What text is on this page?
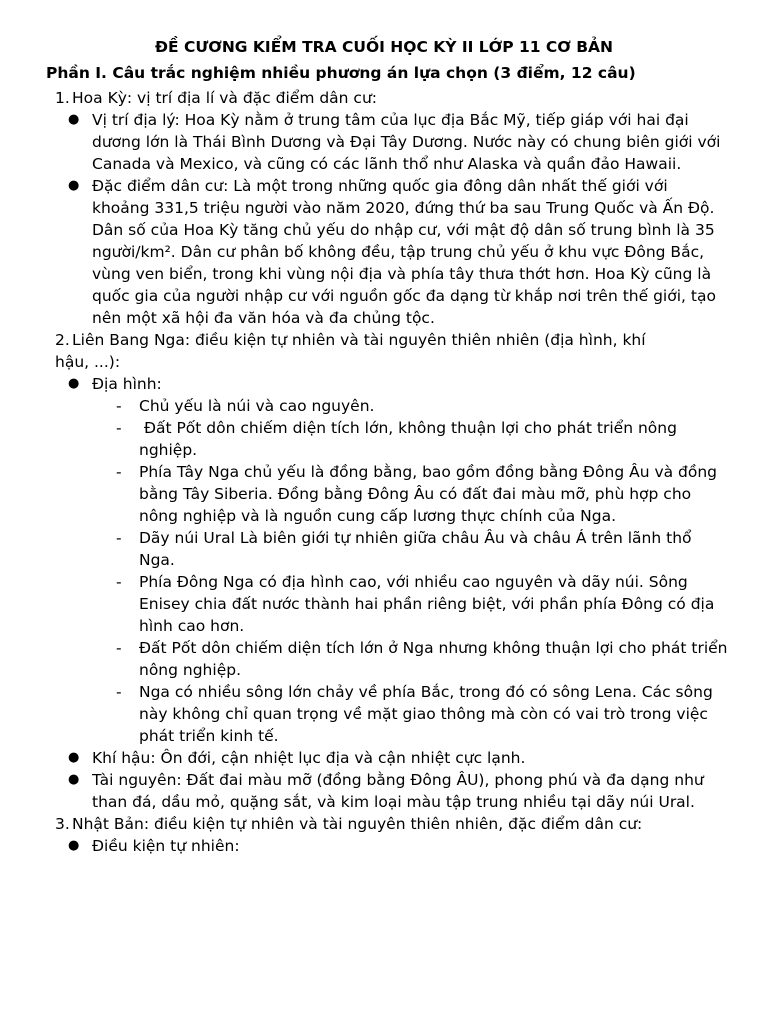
ĐỀ CƯƠNG KIỂM TRA CUỐI HỌC KỲ II LỚP 11 CƠ BẢN

Phần I. Câu trắc nghiệm nhiều phương án lựa chọn (3 điểm, 12 câu)

1. Hoa Kỳ: vị trí địa lí và đặc điểm dân cư:
● Vị trí địa lý: Hoa Kỳ nằm ở trung tâm của lục địa Bắc Mỹ, tiếp giáp với hai đại dương lớn là Thái Bình Dương và Đại Tây Dương. Nước này có chung biên giới với Canada và Mexico, và cũng có các lãnh thổ như Alaska và quần đảo Hawaii.
● Đặc điểm dân cư: Là một trong những quốc gia đông dân nhất thế giới với khoảng 331,5 triệu người vào năm 2020, đứng thứ ba sau Trung Quốc và Ấn Độ. Dân số của Hoa Kỳ tăng chủ yếu do nhập cư, với mật độ dân số trung bình là 35 người/km². Dân cư phân bố không đều, tập trung chủ yếu ở khu vực Đông Bắc, vùng ven biển, trong khi vùng nội địa và phía tây thưa thớt hơn. Hoa Kỳ cũng là quốc gia của người nhập cư với nguồn gốc đa dạng từ khắp nơi trên thế giới, tạo nên một xã hội đa văn hóa và đa chủng tộc.
2. Liên Bang Nga: điều kiện tự nhiên và tài nguyên thiên nhiên (địa hình, khí
hậu, ...):
● Địa hình:
- Chủ yếu là núi và cao nguyên.
- Đất Pốt dôn chiếm diện tích lớn, không thuận lợi cho phát triển nông nghiệp.
- Phía Tây Nga chủ yếu là đồng bằng, bao gồm đồng bằng Đông Âu và đồng bằng Tây Siberia. Đồng bằng Đông Âu có đất đai màu mỡ, phù hợp cho nông nghiệp và là nguồn cung cấp lương thực chính của Nga.
- Dãy núi Ural Là biên giới tự nhiên giữa châu Âu và châu Á trên lãnh thổ Nga.
- Phía Đông Nga có địa hình cao, với nhiều cao nguyên và dãy núi. Sông Enisey chia đất nước thành hai phần riêng biệt, với phần phía Đông có địa hình cao hơn.
- Đất Pốt dôn chiếm diện tích lớn ở Nga nhưng không thuận lợi cho phát triển nông nghiệp.
- Nga có nhiều sông lớn chảy về phía Bắc, trong đó có sông Lena. Các sông này không chỉ quan trọng về mặt giao thông mà còn có vai trò trong việc phát triển kinh tế.
● Khí hậu: Ôn đới, cận nhiệt lục địa và cận nhiệt cực lạnh.
● Tài nguyên: Đất đai màu mỡ (đồng bằng Đông ÂU), phong phú và đa dạng như than đá, dầu mỏ, quặng sắt, và kim loại màu tập trung nhiều tại dãy núi Ural.
3. Nhật Bản: điều kiện tự nhiên và tài nguyên thiên nhiên, đặc điểm dân cư:
● Điều kiện tự nhiên:
